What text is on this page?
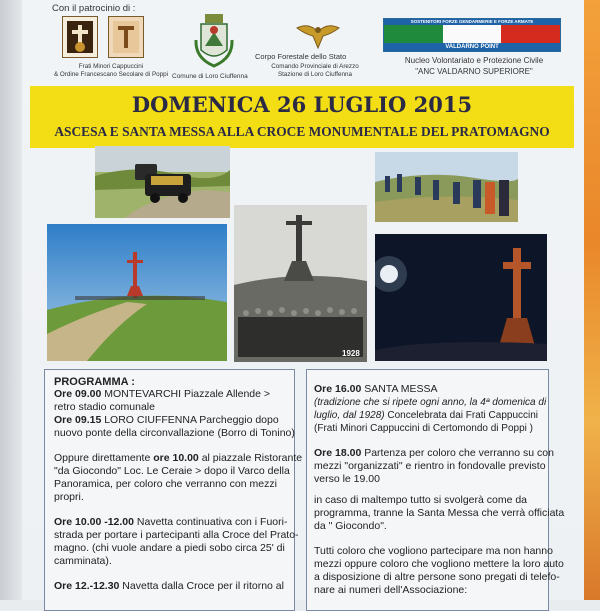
Con il patrocinio di :
Frati Minori Cappuccini
& Ordine Francescano Secolare di Poppi Comune di Loro Ciuffenna
Corpo Forestale dello Stato
Comando Provinciale di Arezzo
Stazione di Loro Ciuffenna
SOSTENITORI FORZE GENDARMERIE E FORZE ARMATE
VALDARNO POINT
Nucleo Volontariato e Protezione Civile
"ANC VALDARNO SUPERIORE"
DOMENICA 26 LUGLIO 2015
ASCESA E SANTA MESSA ALLA CROCE MONUMENTALE DEL PRATOMAGNO
1928
PROGRAMMA :
Ore 09.00 MONTEVARCHI Piazzale Allende >
retro stadio comunale
Ore 09.15 LORO CIUFFENNA Parcheggio dopo
nuovo ponte della circonvallazione (Borro di Tonino)
Oppure direttamente ore 10.00 al piazzale Ristorante
"da Giocondo" Loc. Le Ceraie > dopo il Varco della
Panoramica, per coloro che verranno con mezzi
propri.
Ore 10.00 -12.00 Navetta continuativa con i Fuori-
strada per portare i partecipanti alla Croce del Prato-
magno. (chi vuole andare a piedi sobo circa 25' di
camminata).
Ore 12.-12.30 Navetta dalla Croce per il ritorno al
Ore 16.00 SANTA MESSA
(tradizione che si ripete ogni anno, la 4ª domenica di
luglio, dal 1928) Concelebrata dai Frati Cappuccini
(Frati Minori Cappuccini di Certomondo di Poppi )
Ore 18.00 Partenza per coloro che verranno su con
mezzi "organizzati" e rientro in fondovalle previsto
verso le 19.00
in caso di maltempo tutto si svolgerà come da
programma, tranne la Santa Messa che verrà officiata
da " Giocondo".
Tutti coloro che vogliono partecipare ma non hanno
mezzi oppure coloro che vogliono mettere la loro auto
a disposizione di altre persone sono pregati di telefo-
nare ai numeri dell'Associazione:
